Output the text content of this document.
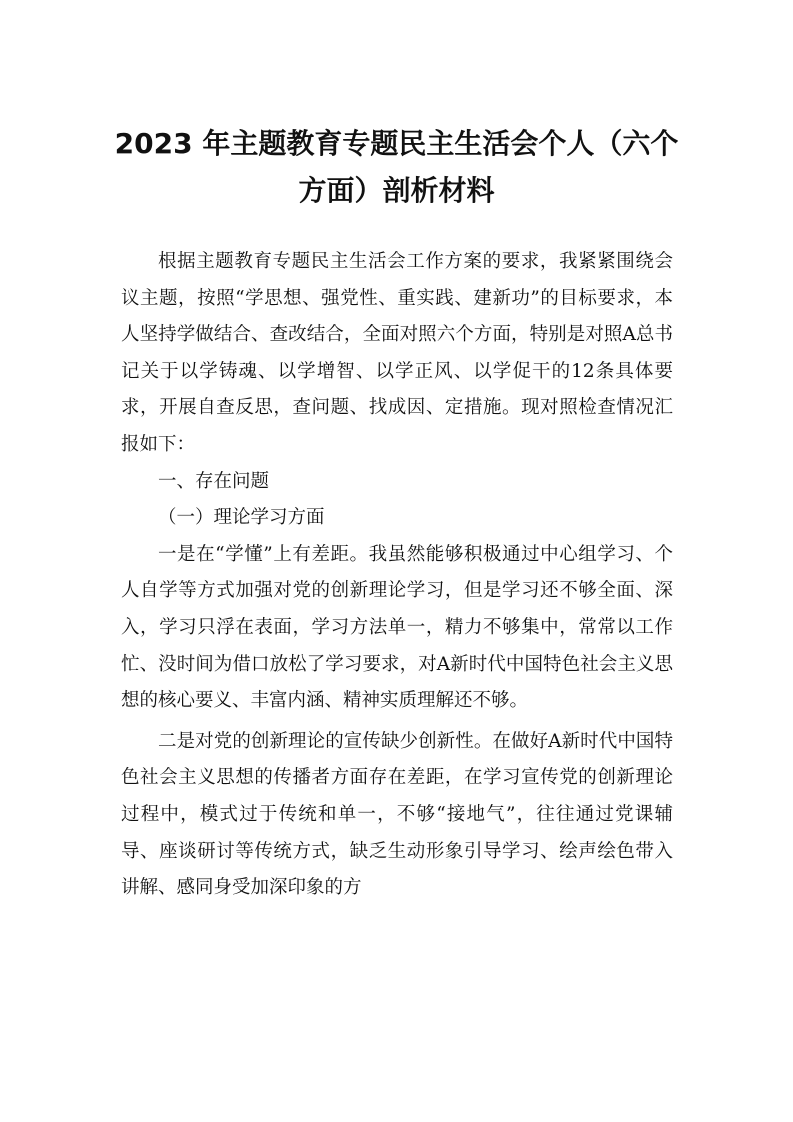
2023 年主题教育专题民主生活会个人（六个
方面）剖析材料

根据主题教育专题民主生活会工作方案的要求，我紧紧围绕会议主题，按照“学思想、强党性、重实践、建新功”的目标要求，本人坚持学做结合、查改结合，全面对照六个方面，特别是对照A总书记关于以学铸魂、以学增智、以学正风、以学促干的12条具体要求，开展自查反思，查问题、找成因、定措施。现对照检查情况汇报如下：

一、存在问题

（一）理论学习方面

一是在“学懂”上有差距。我虽然能够积极通过中心组学习、个人自学等方式加强对党的创新理论学习，但是学习还不够全面、深入，学习只浮在表面，学习方法单一，精力不够集中，常常以工作忙、没时间为借口放松了学习要求，对A新时代中国特色社会主义思想的核心要义、丰富内涵、精神实质理解还不够。

二是对党的创新理论的宣传缺少创新性。在做好A新时代中国特色社会主义思想的传播者方面存在差距，在学习宣传党的创新理论过程中，模式过于传统和单一，不够“接地气”，往往通过党课辅导、座谈研讨等传统方式，缺乏生动形象引导学习、绘声绘色带入讲解、感同身受加深印象的方
